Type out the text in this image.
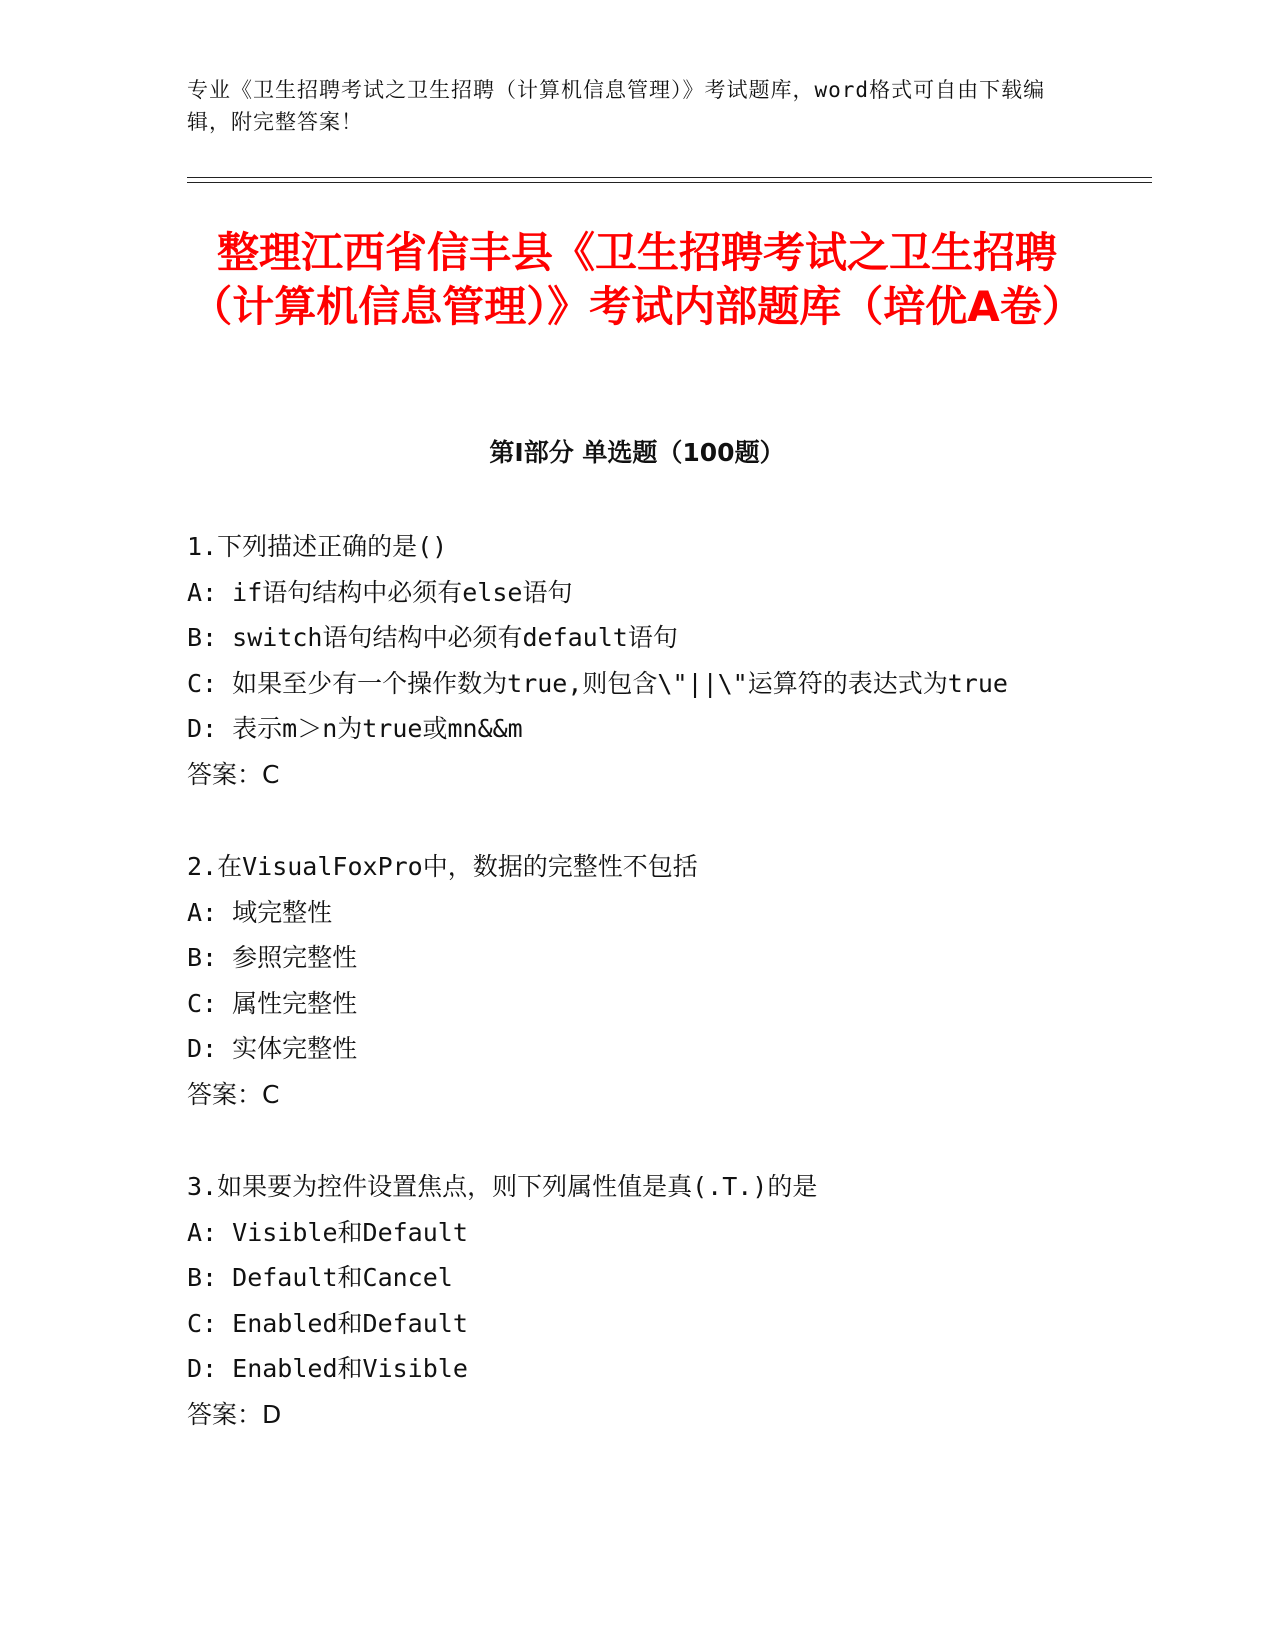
专业《卫生招聘考试之卫生招聘（计算机信息管理）》考试题库，word格式可自由下载编辑，附完整答案！
整理江西省信丰县《卫生招聘考试之卫生招聘（计算机信息管理）》考试内部题库（培优A卷）
第I部分 单选题（100题）
1.下列描述正确的是()
A: if语句结构中必须有else语句
B: switch语句结构中必须有default语句
C: 如果至少有一个操作数为true,则包含\"||\"运算符的表达式为true
D: 表示m＞n为true或mn&&m
答案：C
2.在VisualFoxPro中，数据的完整性不包括
A: 域完整性
B: 参照完整性
C: 属性完整性
D: 实体完整性
答案：C
3.如果要为控件设置焦点，则下列属性值是真(.T.)的是
A: Visible和Default
B: Default和Cancel
C: Enabled和Default
D: Enabled和Visible
答案：D
